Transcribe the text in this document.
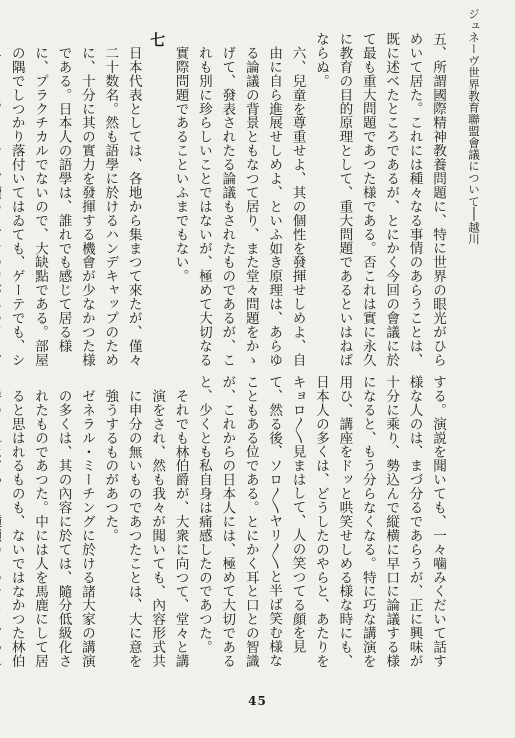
ジュネーヴ世界教育聯盟會議について──越川

五、所謂國際精神教養問題に、特に世界の眼光がひらめいて居た。これには種々なる事情のあらうことは、既に述べたところであるが、とにかく今回の會議に於て最も重大問題であつた様である。否これは實に永久に教育の目的原理として、重大問題であるといはねばならぬ。

六、兒童を尊重せよ、其の個性を發揮せしめよ、自由に自ら進展せしめよ、といふ如き原理は、あらゆる論議の背景ともなつて居り、また堂々問題をかゝげて、發表されたる論議もされたものであるが、これも別に珍らしいことではないが、極めて大切なる實際問題であることいふまでもない。

七

日本代表としては、各地から集まつて來たが、僅々二十数名。然も語學に於けるハンデキャップのために、十分に其の實力を發揮する機會が少なかつた様である。日本人の語學は、誰れでも感じて居る様に、プラクチカルでないので、大缺點である。部屋の隅でしつかり落付いてはゐても、ゲーテでも、シ

する。演説を聞いても、一々噛みくだいて話す様な人のは、まづ分るであらうが、正に興味が十分に乘り、勢込んで縦横に早口に論議する様になると、もう分らなくなる。特に巧な講演を用ひ、講座をドッと哄笑せしめる様な時にも、日本人の多くは、どうしたのやらと、あたりをキョロ〳〵見まはして、人の笑つてる顔を見て、然る後、ソロ〳〵ヤリ〳〵と半ば笑む様なこともある位である。とにかく耳と口との智識が、これからの日本人には、極めて大切であると、少くとも私自身は痛感したのであつた。

それでも林伯爵が、大衆に向つて、堂々と講演をされ、然も我々が聞いても、內容形式共に申分の無いものであつたことは、大に意を強うするものがあつた。

ゼネラル・ミーチングに於ける諸大家の講演の多くは、其の內容に於ては、隨分低級化されたものであつた。中には人を馬鹿にして居ると思はれるものも、ないではなかつた林伯

45
